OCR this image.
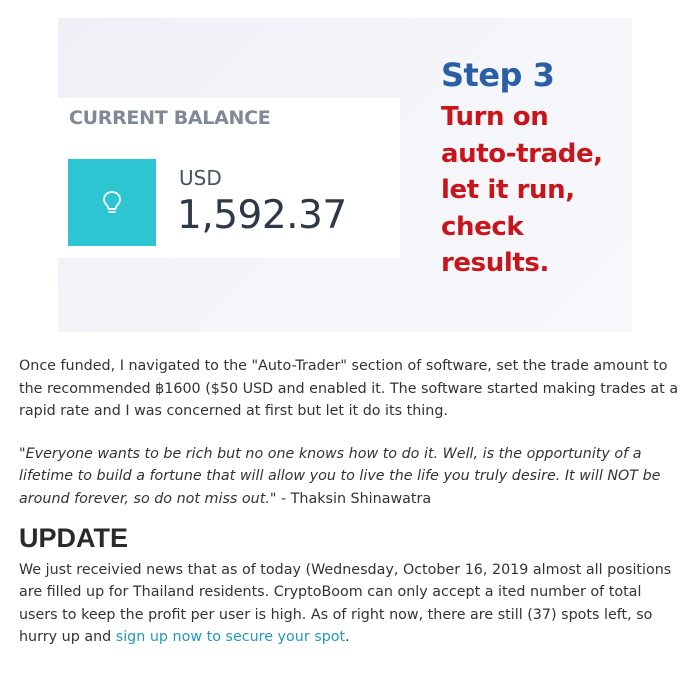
CURRENT BALANCE
USD
1,592.37
Step 3
Turn on
auto-trade,
let it run,
check
results.

Once funded, I navigated to the "Auto-Trader" section of software, set the trade amount to the recommended ฿1600 ($50 USD and enabled it. The software started making trades at a rapid rate and I was concerned at first but let it do its thing.

"Everyone wants to be rich but no one knows how to do it. Well, is the opportunity of a lifetime to build a fortune that will allow you to live the life you truly desire. It will NOT be around forever, so do not miss out." - Thaksin Shinawatra

UPDATE

We just receivied news that as of today (Wednesday, October 16, 2019 almost all positions are filled up for Thailand residents. CryptoBoom can only accept a ited number of total users to keep the profit per user is high. As of right now, there are still (37) spots left, so hurry up and sign up now to secure your spot.
